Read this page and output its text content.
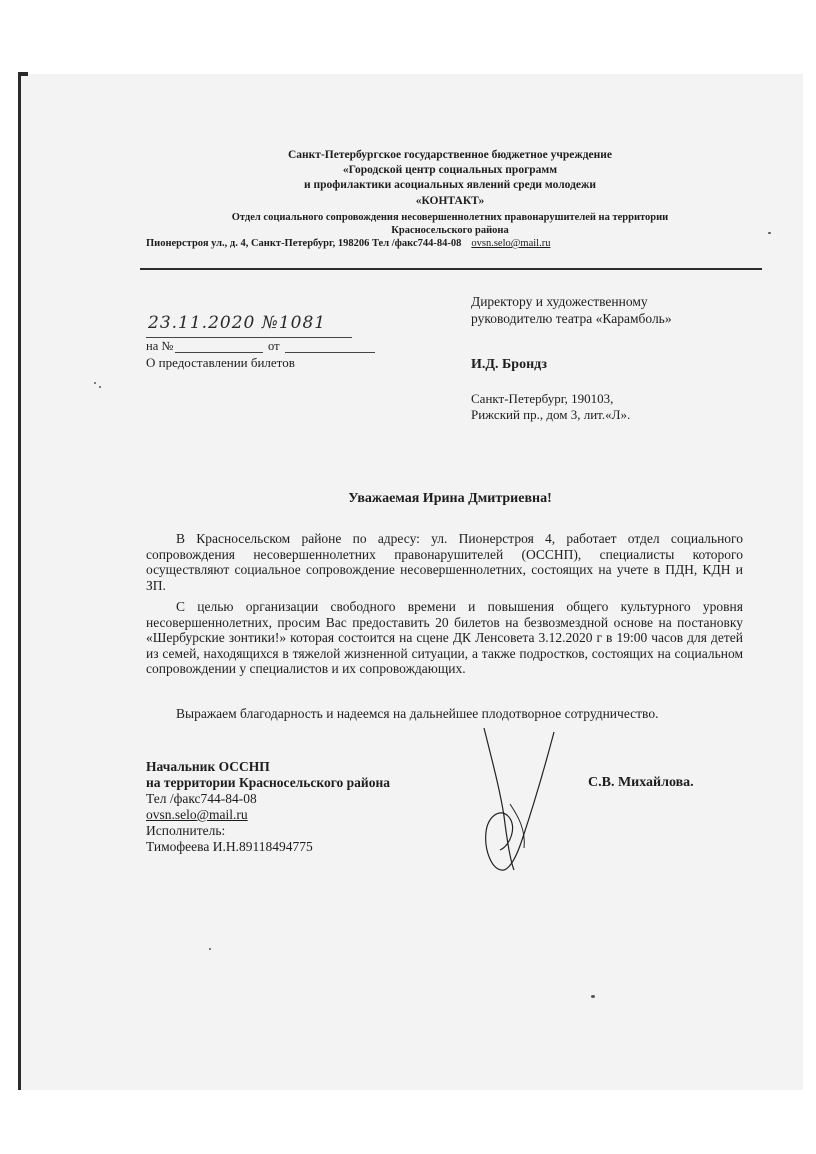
Санкт-Петербургское государственное бюджетное учреждение
«Городской центр социальных программ
и профилактики асоциальных явлений среди молодежи
«КОНТАКТ»
Отдел социального сопровождения несовершеннолетних правонарушителей на территории
Красносельского района
Пионерстроя ул., д. 4, Санкт-Петербург, 198206 Тел /факс744-84-08 ovsn.selo@mail.ru
23.11.2020 №1081
на №	от
О предоставлении билетов
Директору и художественному
руководителю театра «Карамболь»
И.Д. Брондз
Санкт-Петербург, 190103,
Рижский пр., дом 3, лит.«Л».
Уважаемая Ирина Дмитриевна!
В Красносельском районе по адресу: ул. Пионерстроя 4, работает отдел социального сопровождения несовершеннолетних правонарушителей (ОССНП), специалисты которого осуществляют социальное сопровождение несовершеннолетних, состоящих на учете в ПДН, КДН и ЗП.
С целью организации свободного времени и повышения общего культурного уровня несовершеннолетних, просим Вас предоставить 20 билетов на безвозмездной основе на постановку «Шербурские зонтики!» которая состоится на сцене ДК Ленсовета 3.12.2020 г в 19:00 часов для детей из семей, находящихся в тяжелой жизненной ситуации, а также подростков, состоящих на социальном сопровождении у специалистов и их сопровождающих.
Выражаем благодарность и надеемся на дальнейшее плодотворное сотрудничество.
Начальник ОССНП
на территории Красносельского района
Тел /факс744-84-08
ovsn.selo@mail.ru
Исполнитель:
Тимофеева И.Н.89118494775
С.В. Михайлова.
